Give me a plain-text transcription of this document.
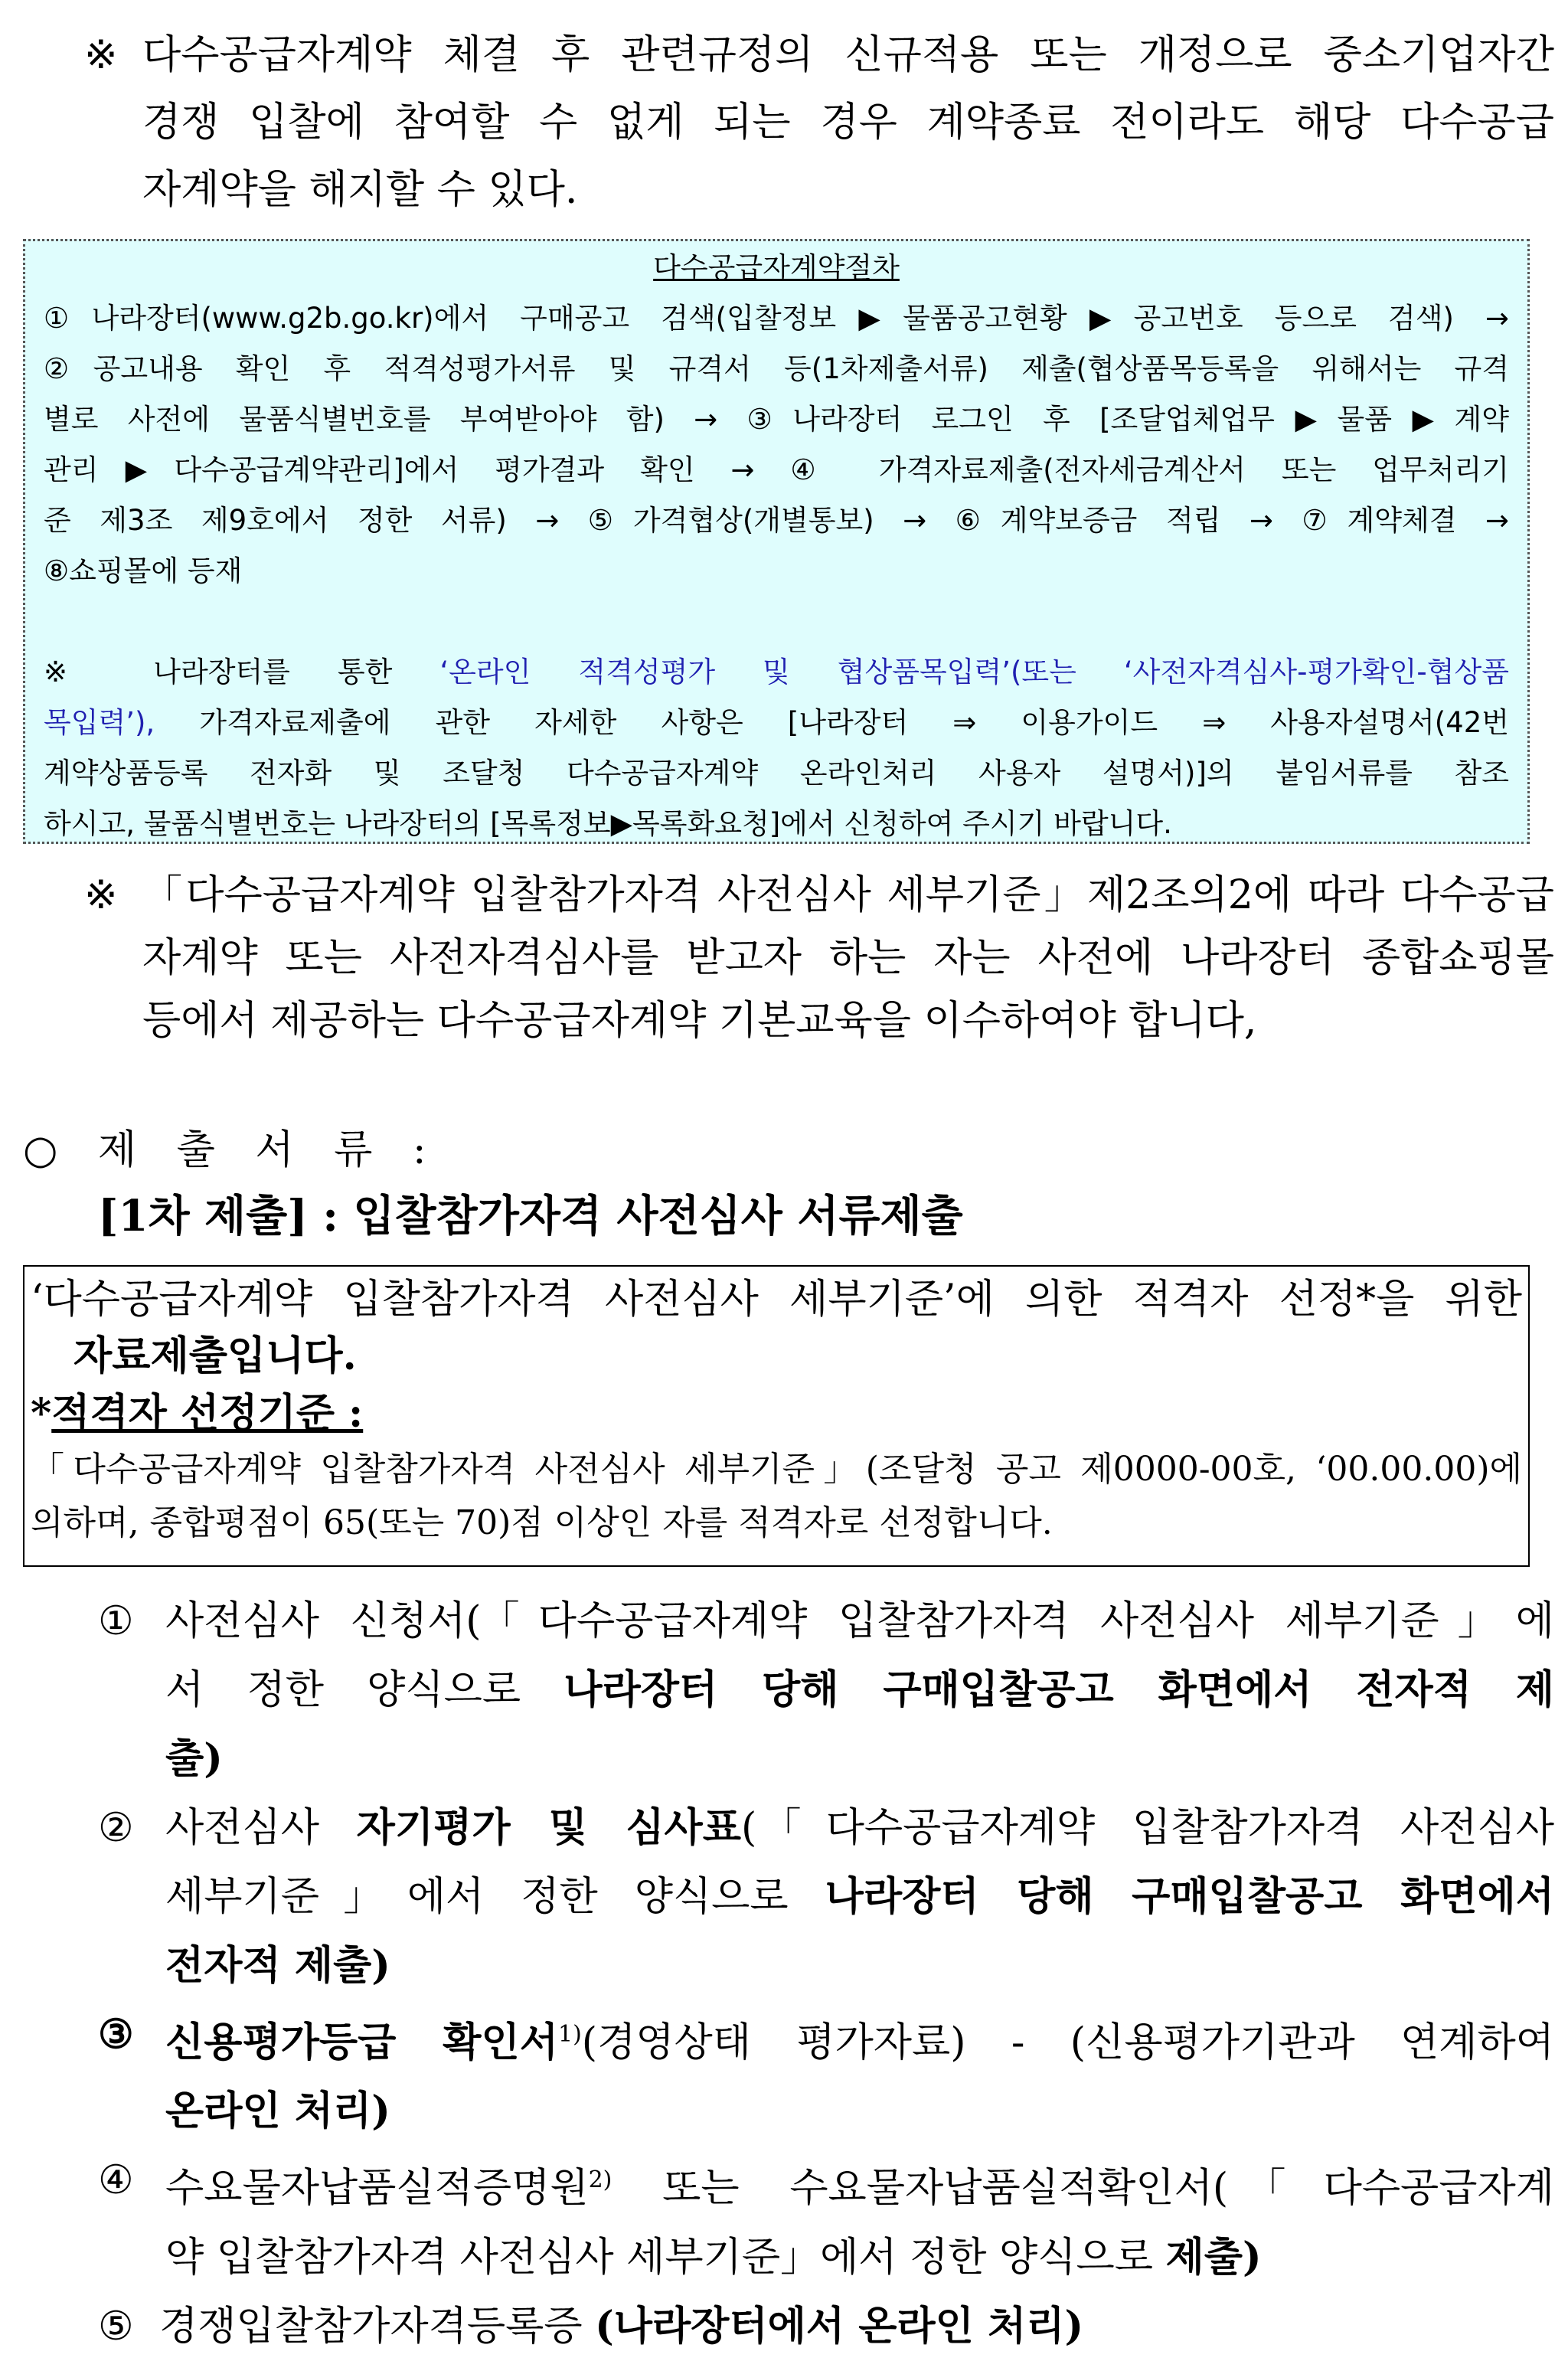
※ 다수공급자계약 체결 후 관련규정의 신규적용 또는 개정으로 중소기업자간

경쟁 입찰에 참여할 수 없게 되는 경우 계약종료 전이라도 해당 다수공급

자계약을 해지할 수 있다.

다수공급자계약절차

①나라장터(www.g2b.go.kr)에서 구매공고 검색(입찰정보▶물품공고현황▶공고번호 등으로 검색) →

②공고내용 확인 후 적격성평가서류 및 규격서 등(1차제출서류) 제출(협상품목등록을 위해서는 규격

별로 사전에 물품식별번호를 부여받아야 함) → ③나라장터 로그인 후 [조달업체업무▶물품▶계약

관리▶다수공급계약관리]에서 평가결과 확인 → ④ 가격자료제출(전자세금계산서 또는 업무처리기

준 제3조 제9호에서 정한 서류) → ⑤가격협상(개별통보) → ⑥계약보증금 적립 → ⑦계약체결 →

⑧쇼핑몰에 등재

※ 나라장터를 통한 ‘온라인 적격성평가 및 협상품목입력’(또는 ‘사전자격심사-평가확인-협상품

목입력’), 가격자료제출에 관한 자세한 사항은 [나라장터 ⇒ 이용가이드 ⇒ 사용자설명서(42번

계약상품등록 전자화 및 조달청 다수공급자계약 온라인처리 사용자 설명서)]의 붙임서류를 참조

하시고, 물품식별번호는 나라장터의 [목록정보▶목록화요청]에서 신청하여 주시기 바랍니다.

※ 「다수공급자계약 입찰참가자격 사전심사 세부기준」제2조의2에 따라 다수공급

자계약 또는 사전자격심사를 받고자 하는 자는 사전에 나라장터 종합쇼핑몰

등에서 제공하는 다수공급자계약 기본교육을 이수하여야 합니다,

○ 제 출 서 류 :
[1차 제출] : 입찰참가자격 사전심사 서류제출

‘다수공급자계약 입찰참가자격 사전심사 세부기준’에 의한 적격자 선정*을 위한

자료제출입니다.

*적격자 선정기준 :

「다수공급자계약 입찰참가자격 사전심사 세부기준」(조달청 공고 제0000-00호, ‘00.00.00)에

의하며, 종합평점이 65(또는 70)점 이상인 자를 적격자로 선정합니다.

① 사전심사 신청서(「다수공급자계약 입찰참가자격 사전심사 세부기준」에

서 정한 양식으로 나라장터 당해 구매입찰공고 화면에서 전자적 제

출)

② 사전심사 자기평가 및 심사표(「다수공급자계약 입찰참가자격 사전심사

세부기준」에서 정한 양식으로 나라장터 당해 구매입찰공고 화면에서

전자적 제출)

③ 신용평가등급 확인서$^{1)}$(경영상태 평가자료) - (신용평가기관과 연계하여

온라인 처리)

④ 수요물자납품실적증명원$^{2)}$ 또는 수요물자납품실적확인서(「다수공급자계

약 입찰참가자격 사전심사 세부기준」에서 정한 양식으로 제출)

⑤ 경쟁입찰참가자격등록증 (나라장터에서 온라인 처리)
